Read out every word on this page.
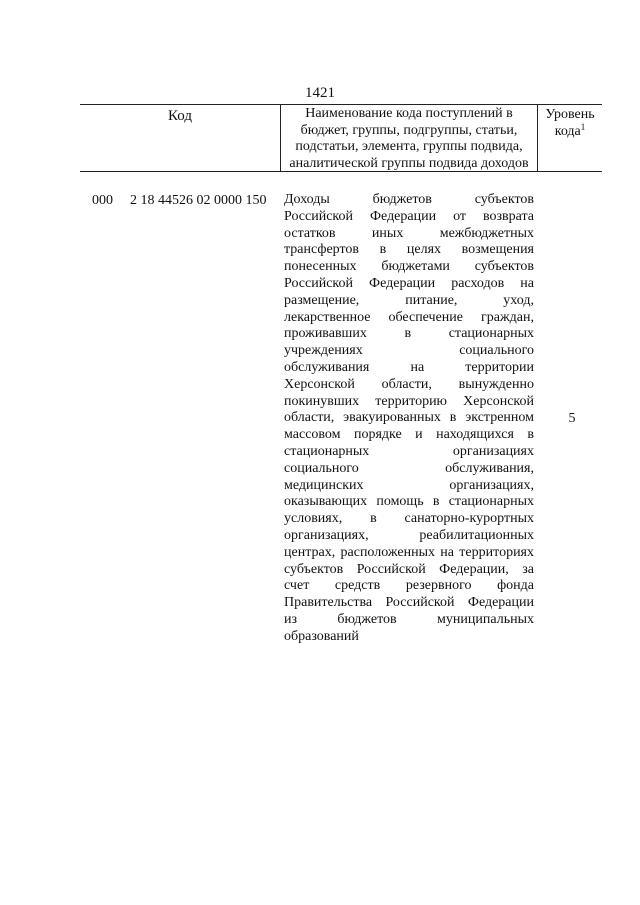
1421
Код	Наименование кода поступлений в
бюджет, группы, подгруппы, статьи,
подстатьи, элемента, группы подвида,
аналитической группы подвида доходов
Уровень
кода$^1$
000 2 18 44526 02 0000 150 Доходы бюджетов субъектов
Российской Федерации от возврата
остатков иных межбюджетных
трансфертов в целях возмещения
понесенных бюджетами субъектов
Российской Федерации расходов на
размещение, питание, уход,
лекарственное обеспечение граждан,
проживавших в стационарных
учреждениях социального
обслуживания на территории
Херсонской области, вынужденно
покинувших территорию Херсонской
области, эвакуированных в экстренном
массовом порядке и находящихся в
стационарных организациях
социального обслуживания,
медицинских организациях,
оказывающих помощь в стационарных
условиях, в санаторно-курортных
организациях, реабилитационных
центрах, расположенных на территориях
субъектов Российской Федерации, за
счет средств резервного фонда
Правительства Российской Федерации
из бюджетов муниципальных
образований
5
